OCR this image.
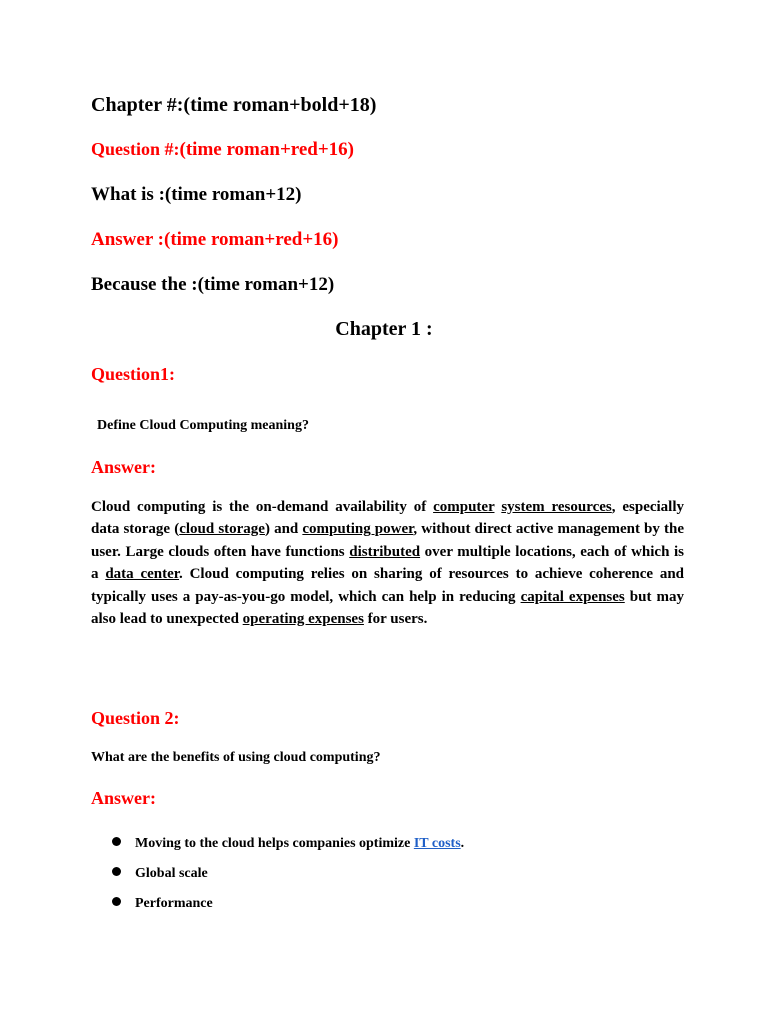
Chapter #:(time roman+bold+18)
Question #:(time roman+red+16)
What is :(time roman+12)
Answer :(time roman+red+16)
Because the :(time roman+12)
Chapter 1 :
Question1:
Define Cloud Computing meaning?
Answer:
Cloud computing is the on-demand availability of computer system resources, especially data storage (cloud storage) and computing power, without direct active management by the user. Large clouds often have functions distributed over multiple locations, each of which is a data center. Cloud computing relies on sharing of resources to achieve coherence and typically uses a pay-as-you-go model, which can help in reducing capital expenses but may also lead to unexpected operating expenses for users.
Question 2:
What are the benefits of using cloud computing?
Answer:
Moving to the cloud helps companies optimize IT costs.
Global scale
Performance
